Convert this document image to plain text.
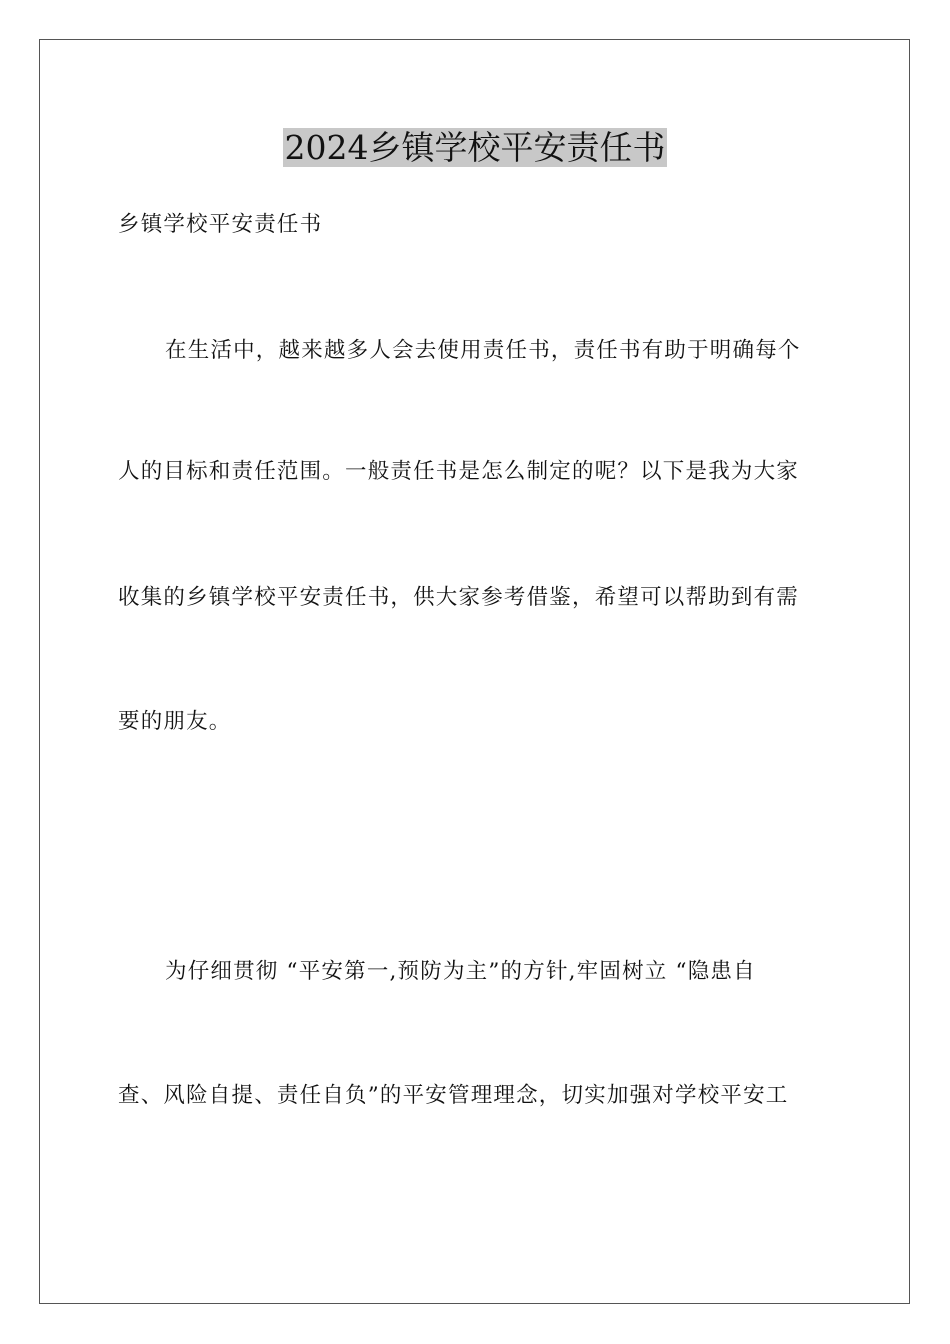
2024乡镇学校平安责任书
乡镇学校平安责任书
在生活中，越来越多人会去使用责任书，责任书有助于明确每个
人的目标和责任范围。一般责任书是怎么制定的呢？以下是我为大家
收集的乡镇学校平安责任书，供大家参考借鉴，希望可以帮助到有需
要的朋友。
为仔细贯彻 “平安第一,预防为主”的方针,牢固树立 “隐患自
查、风险自提、责任自负”的平安管理理念，切实加强对学校平安工
